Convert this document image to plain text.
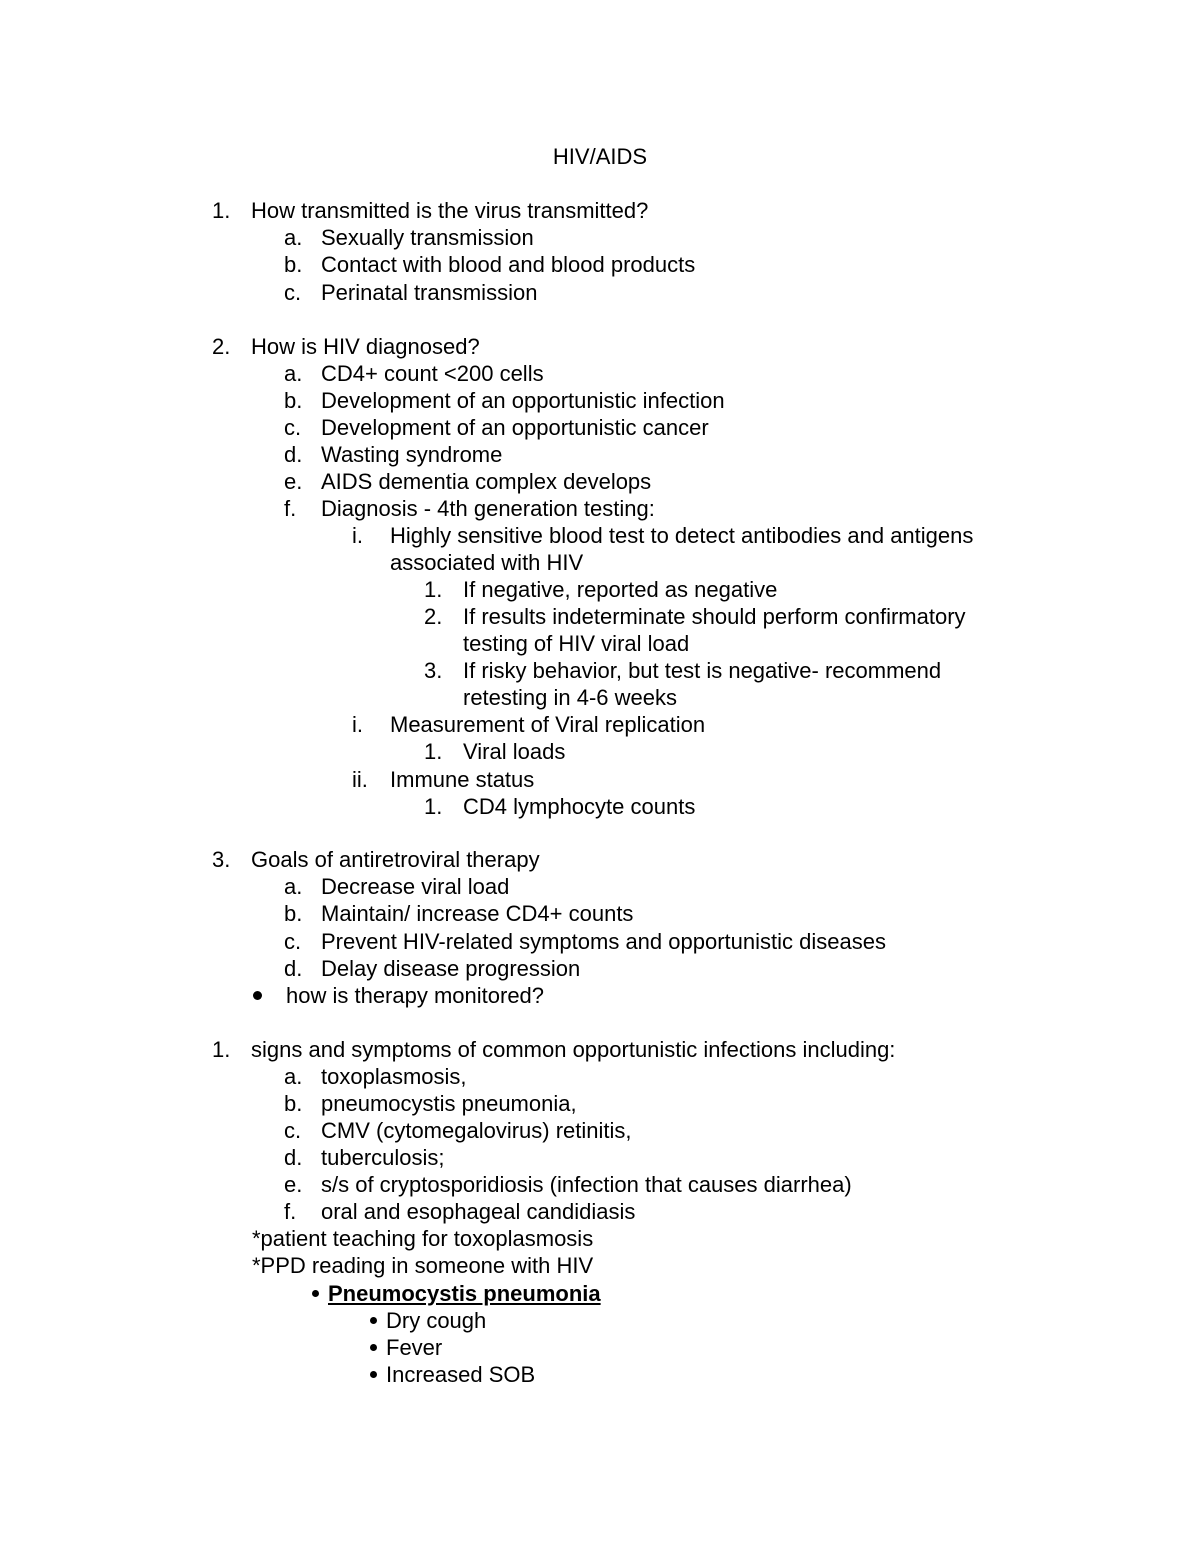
HIV/AIDS
1. How transmitted is the virus transmitted?
a. Sexually transmission
b. Contact with blood and blood products
c. Perinatal transmission
2. How is HIV diagnosed?
a. CD4+ count <200 cells
b. Development of an opportunistic infection
c. Development of an opportunistic cancer
d. Wasting syndrome
e. AIDS dementia complex develops
f. Diagnosis - 4th generation testing:
i. Highly sensitive blood test to detect antibodies and antigens
associated with HIV
1. If negative, reported as negative
2. If results indeterminate should perform confirmatory
testing of HIV viral load
3. If risky behavior, but test is negative- recommend
retesting in 4-6 weeks
i. Measurement of Viral replication
1. Viral loads
ii. Immune status
1. CD4 lymphocyte counts
3. Goals of antiretroviral therapy
a. Decrease viral load
b. Maintain/ increase CD4+ counts
c. Prevent HIV-related symptoms and opportunistic diseases
d. Delay disease progression
how is therapy monitored?
1. signs and symptoms of common opportunistic infections including:
a. toxoplasmosis,
b. pneumocystis pneumonia,
c. CMV (cytomegalovirus) retinitis,
d. tuberculosis;
e. s/s of cryptosporidiosis (infection that causes diarrhea)
f. oral and esophageal candidiasis
*patient teaching for toxoplasmosis
*PPD reading in someone with HIV
Pneumocystis pneumonia
Dry cough
Fever
Increased SOB
